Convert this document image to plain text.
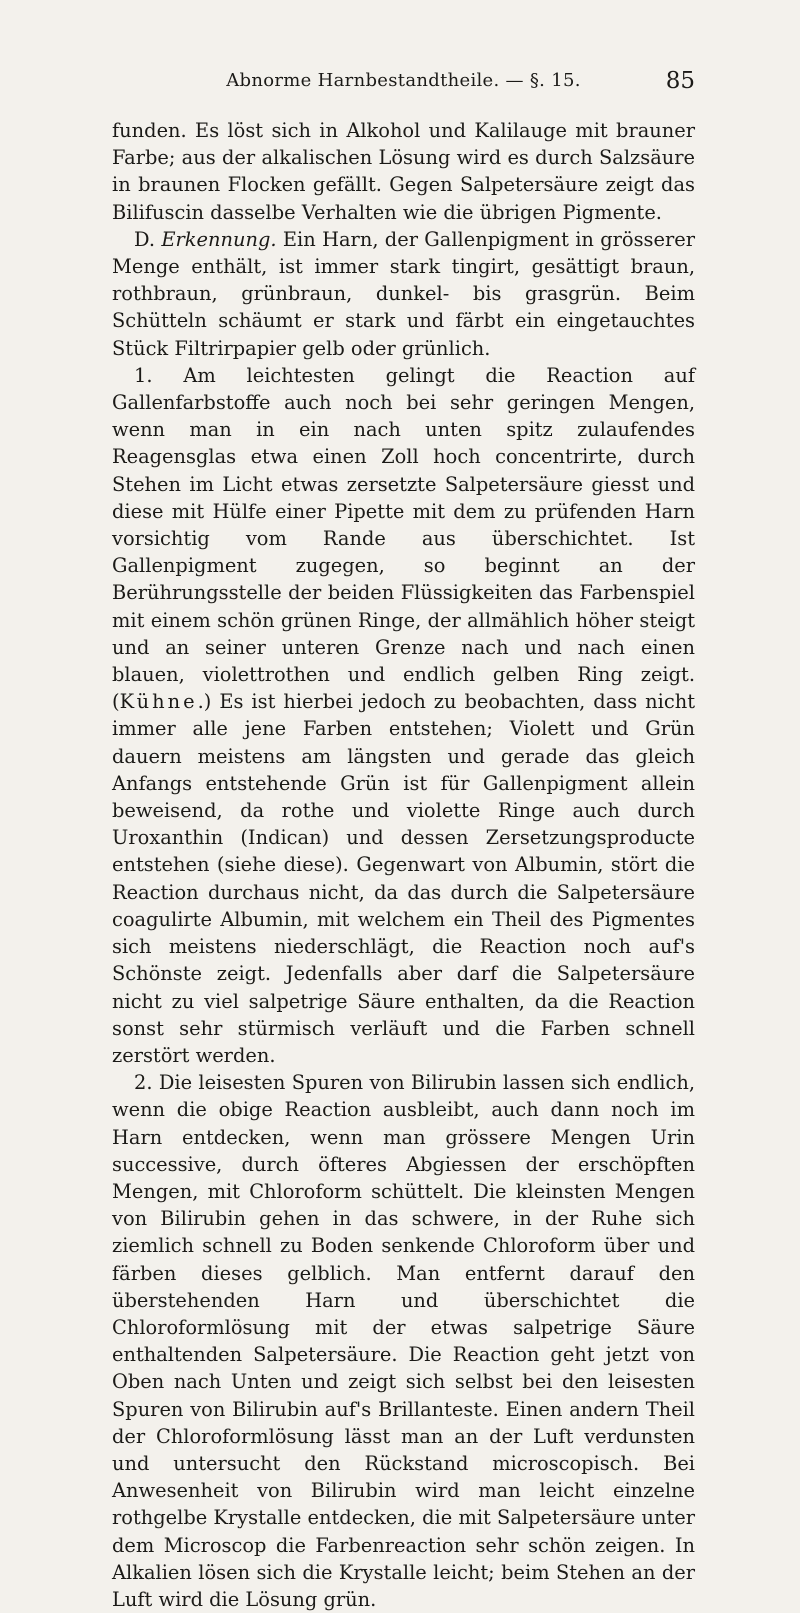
Abnorme Harnbestandtheile. — §. 15.	85

funden. Es löst sich in Alkohol und Kalilauge mit brauner Farbe; aus der alkalischen Lösung wird es durch Salzsäure in braunen Flocken gefällt. Gegen Salpetersäure zeigt das Bilifuscin dasselbe Verhalten wie die übrigen Pigmente.

D. Erkennung. Ein Harn, der Gallenpigment in grösserer Menge enthält, ist immer stark tingirt, gesättigt braun, rothbraun, grünbraun, dunkel- bis grasgrün. Beim Schütteln schäumt er stark und färbt ein eingetauchtes Stück Filtrirpapier gelb oder grünlich.

1. Am leichtesten gelingt die Reaction auf Gallenfarbstoffe auch noch bei sehr geringen Mengen, wenn man in ein nach unten spitz zulaufendes Reagensglas etwa einen Zoll hoch concentrirte, durch Stehen im Licht etwas zersetzte Salpetersäure giesst und diese mit Hülfe einer Pipette mit dem zu prüfenden Harn vorsichtig vom Rande aus überschichtet. Ist Gallenpigment zugegen, so beginnt an der Berührungsstelle der beiden Flüssigkeiten das Farbenspiel mit einem schön grünen Ringe, der allmählich höher steigt und an seiner unteren Grenze nach und nach einen blauen, violettrothen und endlich gelben Ring zeigt. (Kühne.) Es ist hierbei jedoch zu beobachten, dass nicht immer alle jene Farben entstehen; Violett und Grün dauern meistens am längsten und gerade das gleich Anfangs entstehende Grün ist für Gallenpigment allein beweisend, da rothe und violette Ringe auch durch Uroxanthin (Indican) und dessen Zersetzungsproducte entstehen (siehe diese). Gegenwart von Albumin, stört die Reaction durchaus nicht, da das durch die Salpetersäure coagulirte Albumin, mit welchem ein Theil des Pigmentes sich meistens niederschlägt, die Reaction noch auf's Schönste zeigt. Jedenfalls aber darf die Salpetersäure nicht zu viel salpetrige Säure enthalten, da die Reaction sonst sehr stürmisch verläuft und die Farben schnell zerstört werden.

2. Die leisesten Spuren von Bilirubin lassen sich endlich, wenn die obige Reaction ausbleibt, auch dann noch im Harn entdecken, wenn man grössere Mengen Urin successive, durch öfteres Abgiessen der erschöpften Mengen, mit Chloroform schüttelt. Die kleinsten Mengen von Bilirubin gehen in das schwere, in der Ruhe sich ziemlich schnell zu Boden senkende Chloroform über und färben dieses gelblich. Man entfernt darauf den überstehenden Harn und überschichtet die Chloroformlösung mit der etwas salpetrige Säure enthaltenden Salpetersäure. Die Reaction geht jetzt von Oben nach Unten und zeigt sich selbst bei den leisesten Spuren von Bilirubin auf's Brillanteste. Einen andern Theil der Chloroformlösung lässt man an der Luft verdunsten und untersucht den Rückstand microscopisch. Bei Anwesenheit von Bilirubin wird man leicht einzelne rothgelbe Krystalle entdecken, die mit Salpetersäure unter dem Microscop die Farbenreaction sehr schön zeigen. In Alkalien lösen sich die Krystalle leicht; beim Stehen an der Luft wird die Lösung grün.
